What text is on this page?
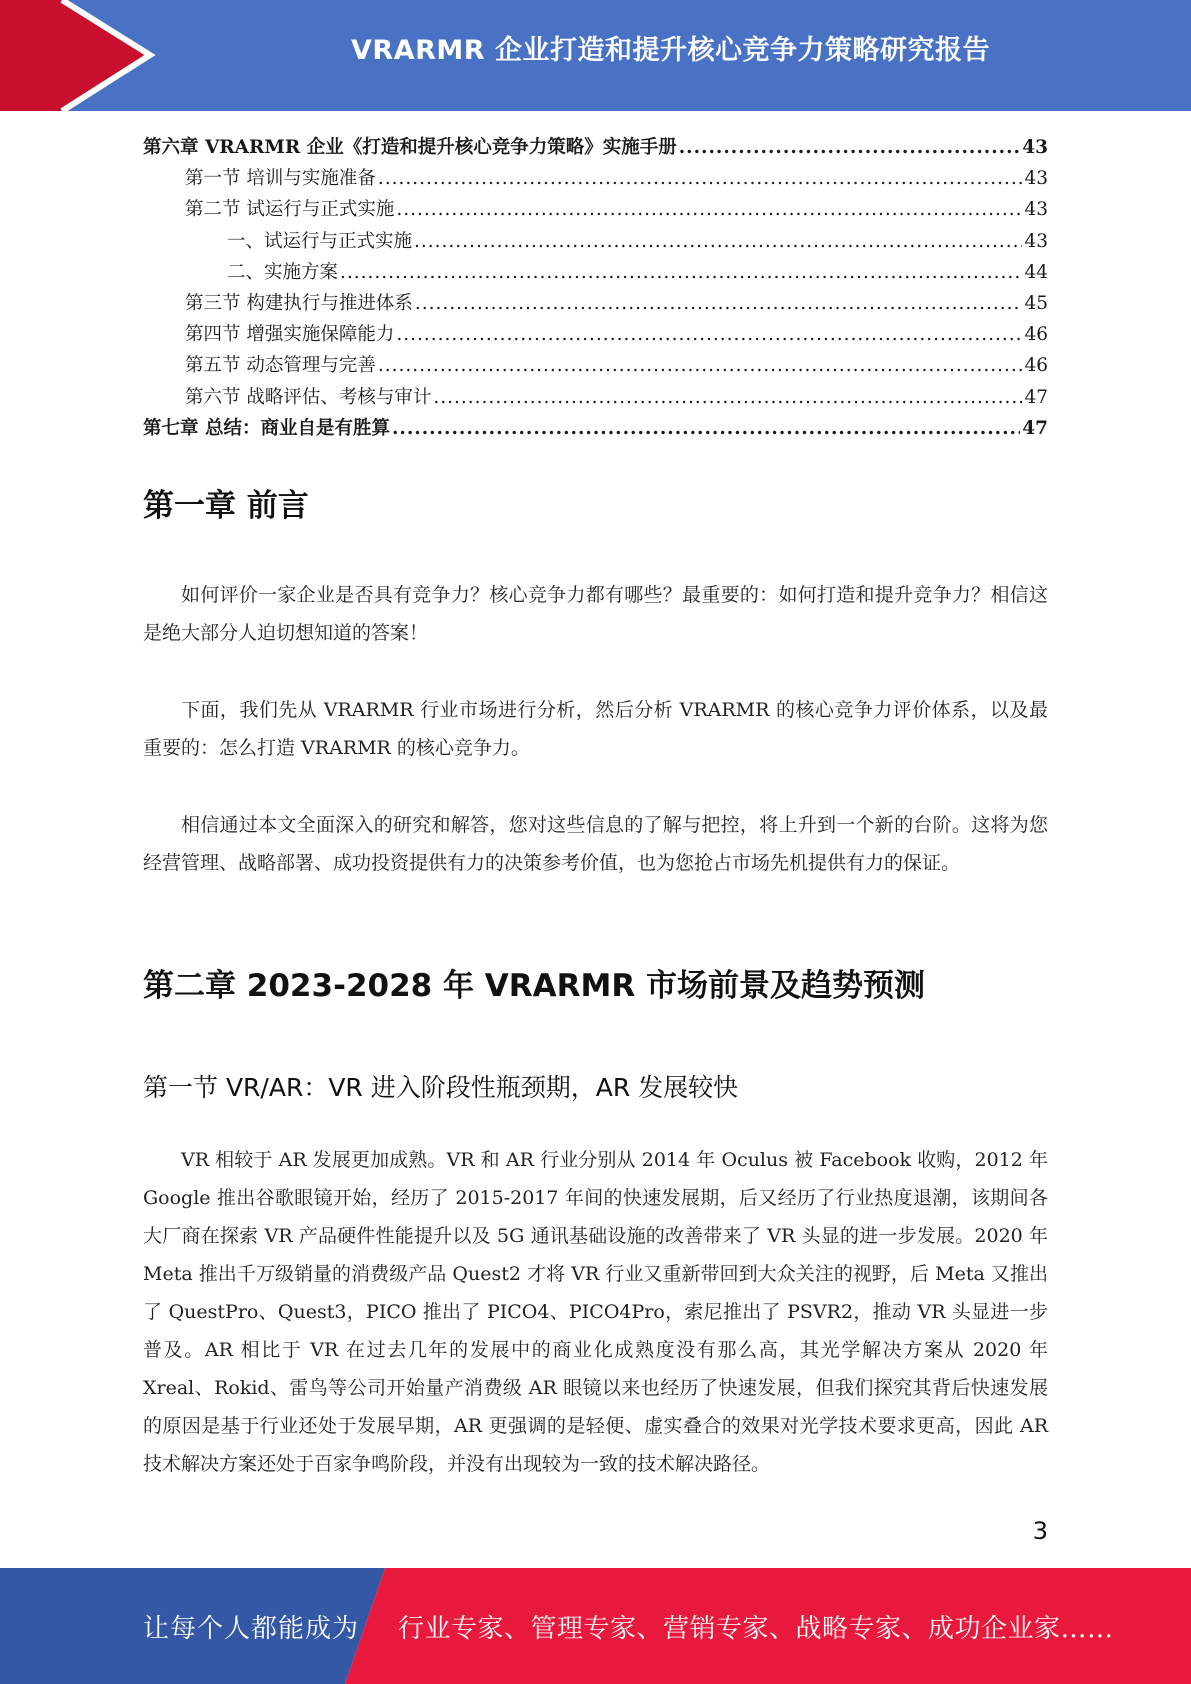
VRARMR 企业打造和提升核心竞争力策略研究报告
第六章 VRARMR 企业《打造和提升核心竞争力策略》实施手册 .....	43
第一节 培训与实施准备 .....	43
第二节 试运行与正式实施 .....	43
一、试运行与正式实施 .....	43
二、实施方案 .....	44
第三节 构建执行与推进体系 .....	45
第四节 增强实施保障能力 .....	46
第五节 动态管理与完善 .....	46
第六节 战略评估、考核与审计 .....	47
第七章 总结：商业自是有胜算 .....	47
第一章 前言

如何评价一家企业是否具有竞争力？核心竞争力都有哪些？最重要的：如何打造和提升竞争力？相信这是绝大部分人迫切想知道的答案！

下面，我们先从 VRARMR 行业市场进行分析，然后分析 VRARMR 的核心竞争力评价体系，以及最重要的：怎么打造 VRARMR 的核心竞争力。

相信通过本文全面深入的研究和解答，您对这些信息的了解与把控，将上升到一个新的台阶。这将为您经营管理、战略部署、成功投资提供有力的决策参考价值，也为您抢占市场先机提供有力的保证。

第二章 2023-2028 年 VRARMR 市场前景及趋势预测
第一节 VR/AR：VR 进入阶段性瓶颈期，AR 发展较快

VR 相较于 AR 发展更加成熟。VR 和 AR 行业分别从 2014 年 Oculus 被 Facebook 收购，2012 年 Google 推出谷歌眼镜开始，经历了 2015-2017 年间的快速发展期，后又经历了行业热度退潮，该期间各大厂商在探索 VR 产品硬件性能提升以及 5G 通讯基础设施的改善带来了 VR 头显的进一步发展。2020 年 Meta 推出千万级销量的消费级产品 Quest2 才将 VR 行业又重新带回到大众关注的视野，后 Meta 又推出了 QuestPro、Quest3，PICO 推出了 PICO4、PICO4Pro，索尼推出了 PSVR2，推动 VR 头显进一步普及。AR 相比于 VR 在过去几年的发展中的商业化成熟度没有那么高，其光学解决方案从 2020 年 Xreal、Rokid、雷鸟等公司开始量产消费级 AR 眼镜以来也经历了快速发展，但我们探究其背后快速发展的原因是基于行业还处于发展早期，AR 更强调的是轻便、虚实叠合的效果对光学技术要求更高，因此 AR 技术解决方案还处于百家争鸣阶段，并没有出现较为一致的技术解决路径。

3
让每个人都能成为 行业专家、管理专家、营销专家、战略专家、成功企业家……
